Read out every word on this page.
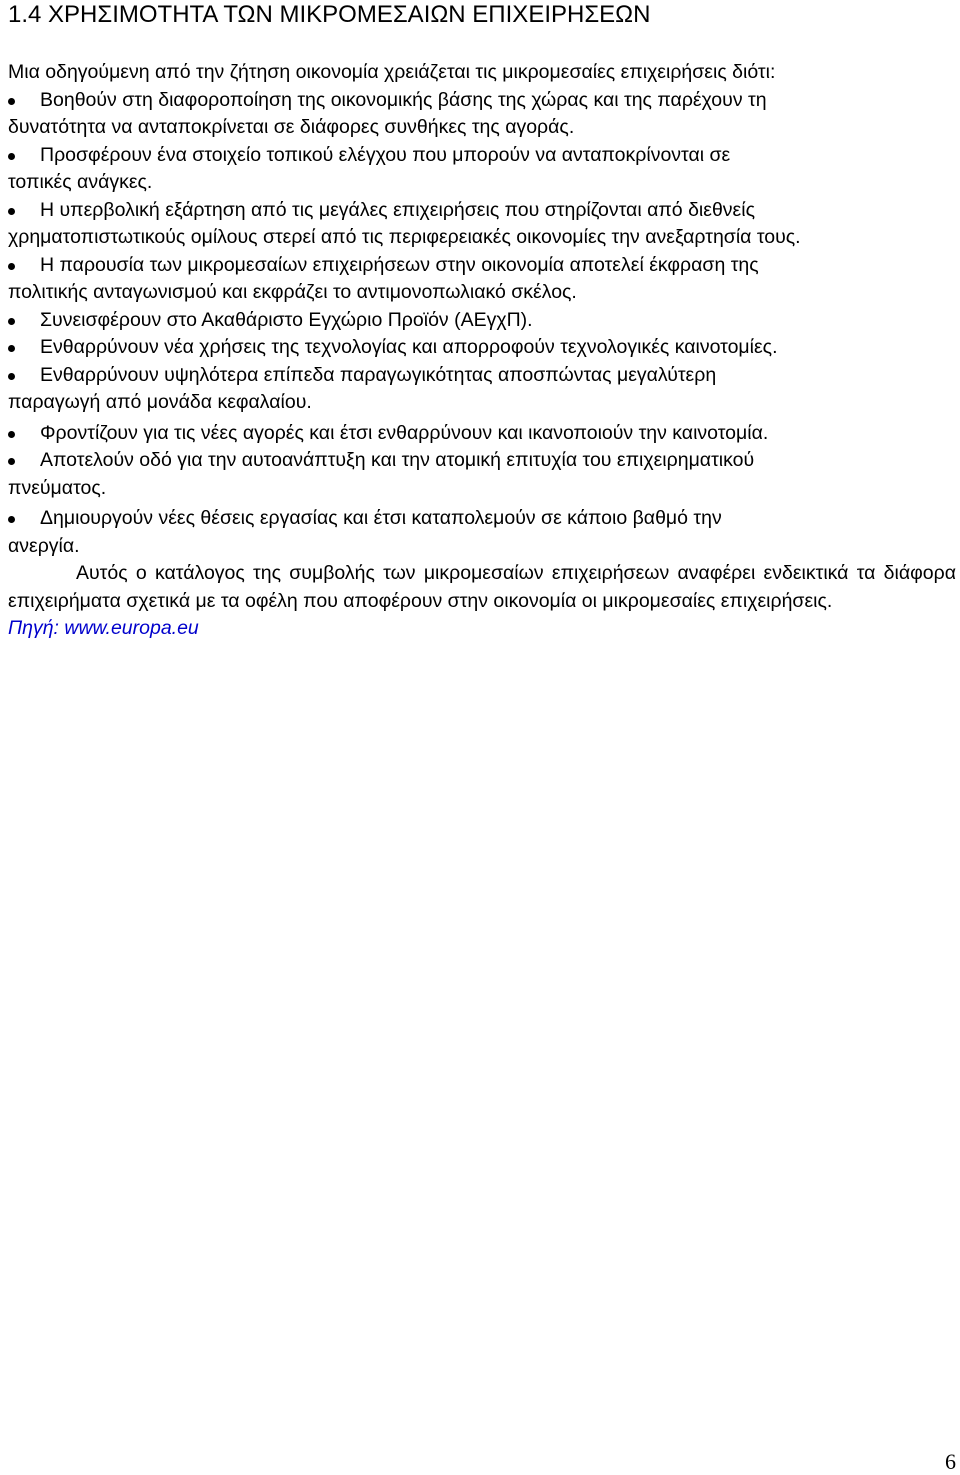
1.4 ΧΡΗΣΙΜΟΤΗΤΑ ΤΩΝ ΜΙΚΡΟΜΕΣΑΙΩΝ ΕΠΙΧΕΙΡΗΣΕΩΝ

Μια οδηγούμενη από την ζήτηση οικονομία χρειάζεται τις μικρομεσαίες επιχειρήσεις διότι:

Βοηθούν στη διαφοροποίηση της οικονομικής βάσης της χώρας και της παρέχουν τη
δυνατότητα να ανταποκρίνεται σε διάφορες συνθήκες της αγοράς.
Προσφέρουν ένα στοιχείο τοπικού ελέγχου που μπορούν να ανταποκρίνονται σε
τοπικές ανάγκες.
Η υπερβολική εξάρτηση από τις μεγάλες επιχειρήσεις που στηρίζονται από διεθνείς
χρηματοπιστωτικούς ομίλους στερεί από τις περιφερειακές οικονομίες την ανεξαρτησία τους.
Η παρουσία των μικρομεσαίων επιχειρήσεων στην οικονομία αποτελεί έκφραση της
πολιτικής ανταγωνισμού και εκφράζει το αντιμονοπωλιακό σκέλος.
Συνεισφέρουν στο Ακαθάριστο Εγχώριο Προϊόν (ΑΕγχΠ).
Ενθαρρύνουν νέα χρήσεις της τεχνολογίας και απορροφούν τεχνολογικές καινοτομίες.
Ενθαρρύνουν υψηλότερα επίπεδα παραγωγικότητας αποσπώντας μεγαλύτερη
παραγωγή από μονάδα κεφαλαίου.
Φροντίζουν για τις νέες αγορές και έτσι ενθαρρύνουν και ικανοποιούν την καινοτομία.
Αποτελούν οδό για την αυτοανάπτυξη και την ατομική επιτυχία του επιχειρηματικού
πνεύματος.
Δημιουργούν νέες θέσεις εργασίας και έτσι καταπολεμούν σε κάποιο βαθμό την
ανεργία.

Αυτός ο κατάλογος της συμβολής των μικρομεσαίων επιχειρήσεων αναφέρει ενδεικτικά τα διάφορα επιχειρήματα σχετικά με τα οφέλη που αποφέρουν στην οικονομία οι μικρομεσαίες επιχειρήσεις.

Πηγή: www.europa.eu

6
